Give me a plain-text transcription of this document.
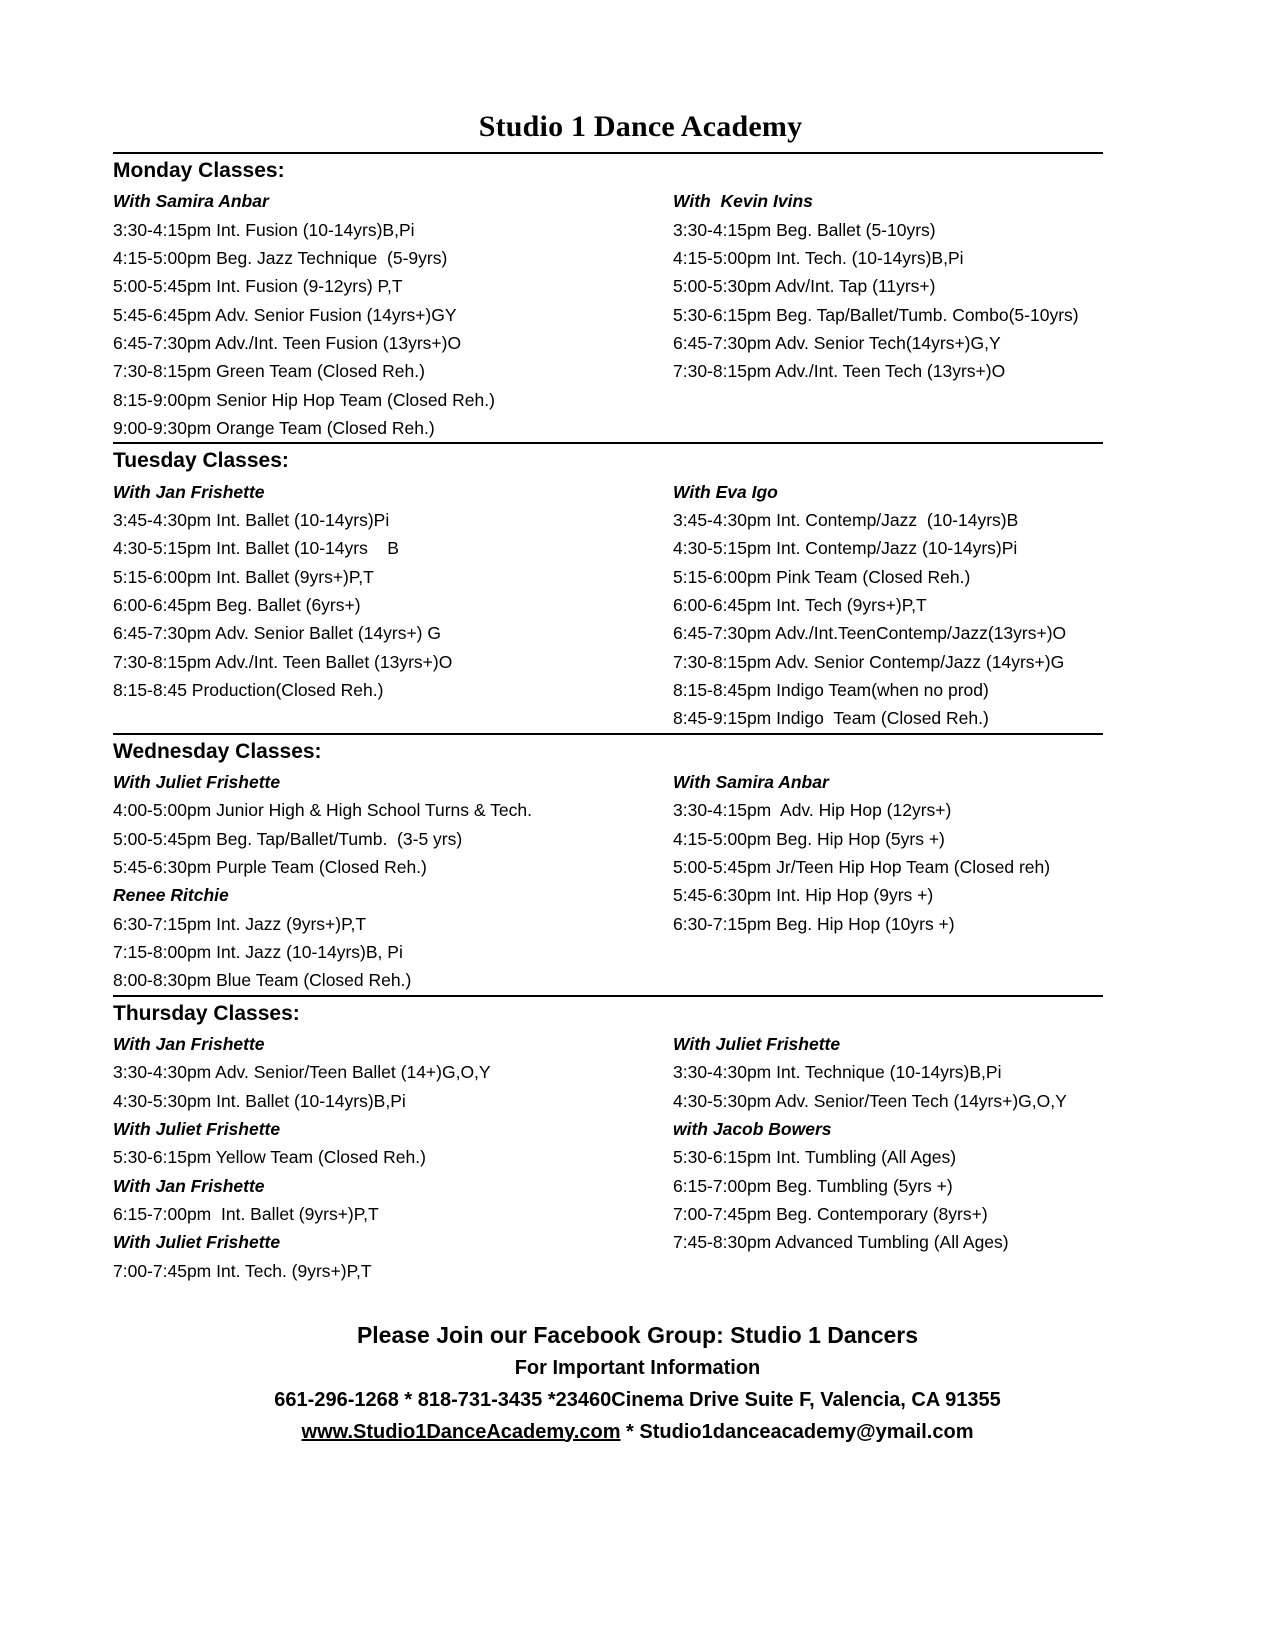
Studio 1 Dance Academy
Monday Classes:
With Samira Anbar
3:30-4:15pm Int. Fusion (10-14yrs)B,Pi
4:15-5:00pm Beg. Jazz Technique  (5-9yrs)
5:00-5:45pm Int. Fusion (9-12yrs) P,T
5:45-6:45pm Adv. Senior Fusion (14yrs+)GY
6:45-7:30pm Adv./Int. Teen Fusion (13yrs+)O
7:30-8:15pm Green Team (Closed Reh.)
8:15-9:00pm Senior Hip Hop Team (Closed Reh.)
9:00-9:30pm Orange Team (Closed Reh.)
With  Kevin Ivins
3:30-4:15pm Beg. Ballet (5-10yrs)
4:15-5:00pm Int. Tech. (10-14yrs)B,Pi
5:00-5:30pm Adv/Int. Tap (11yrs+)
5:30-6:15pm Beg. Tap/Ballet/Tumb. Combo(5-10yrs)
6:45-7:30pm Adv. Senior Tech(14yrs+)G,Y
7:30-8:15pm Adv./Int. Teen Tech (13yrs+)O
Tuesday Classes:
With Jan Frishette
3:45-4:30pm Int. Ballet (10-14yrs)Pi
4:30-5:15pm Int. Ballet (10-14yrs    B
5:15-6:00pm Int. Ballet (9yrs+)P,T
6:00-6:45pm Beg. Ballet (6yrs+)
6:45-7:30pm Adv. Senior Ballet (14yrs+) G
7:30-8:15pm Adv./Int. Teen Ballet (13yrs+)O
8:15-8:45 Production(Closed Reh.)
With Eva Igo
3:45-4:30pm Int. Contemp/Jazz  (10-14yrs)B
4:30-5:15pm Int. Contemp/Jazz (10-14yrs)Pi
5:15-6:00pm Pink Team (Closed Reh.)
6:00-6:45pm Int. Tech (9yrs+)P,T
6:45-7:30pm Adv./Int.TeenContemp/Jazz(13yrs+)O
7:30-8:15pm Adv. Senior Contemp/Jazz (14yrs+)G
8:15-8:45pm Indigo Team(when no prod)
8:45-9:15pm Indigo  Team (Closed Reh.)
Wednesday Classes:
With Juliet Frishette
4:00-5:00pm Junior High & High School Turns & Tech.
5:00-5:45pm Beg. Tap/Ballet/Tumb.  (3-5 yrs)
5:45-6:30pm Purple Team (Closed Reh.)
Renee Ritchie
6:30-7:15pm Int. Jazz (9yrs+)P,T
7:15-8:00pm Int. Jazz (10-14yrs)B, Pi
8:00-8:30pm Blue Team (Closed Reh.)
With Samira Anbar
3:30-4:15pm  Adv. Hip Hop (12yrs+)
4:15-5:00pm Beg. Hip Hop (5yrs +)
5:00-5:45pm Jr/Teen Hip Hop Team (Closed reh)
5:45-6:30pm Int. Hip Hop (9yrs +)
6:30-7:15pm Beg. Hip Hop (10yrs +)
Thursday Classes:
With Jan Frishette
3:30-4:30pm Adv. Senior/Teen Ballet (14+)G,O,Y
4:30-5:30pm Int. Ballet (10-14yrs)B,Pi
With Juliet Frishette
5:30-6:15pm Yellow Team (Closed Reh.)
With Jan Frishette
6:15-7:00pm  Int. Ballet (9yrs+)P,T
With Juliet Frishette
7:00-7:45pm Int. Tech. (9yrs+)P,T
With Juliet Frishette
3:30-4:30pm Int. Technique (10-14yrs)B,Pi
4:30-5:30pm Adv. Senior/Teen Tech (14yrs+)G,O,Y
with Jacob Bowers
5:30-6:15pm Int. Tumbling (All Ages)
6:15-7:00pm Beg. Tumbling (5yrs +)
7:00-7:45pm Beg. Contemporary (8yrs+)
7:45-8:30pm Advanced Tumbling (All Ages)
Please Join our Facebook Group: Studio 1 Dancers
For Important Information
661-296-1268 * 818-731-3435 *23460Cinema Drive Suite F, Valencia, CA 91355
www.Studio1DanceAcademy.com * Studio1danceacademy@ymail.com
